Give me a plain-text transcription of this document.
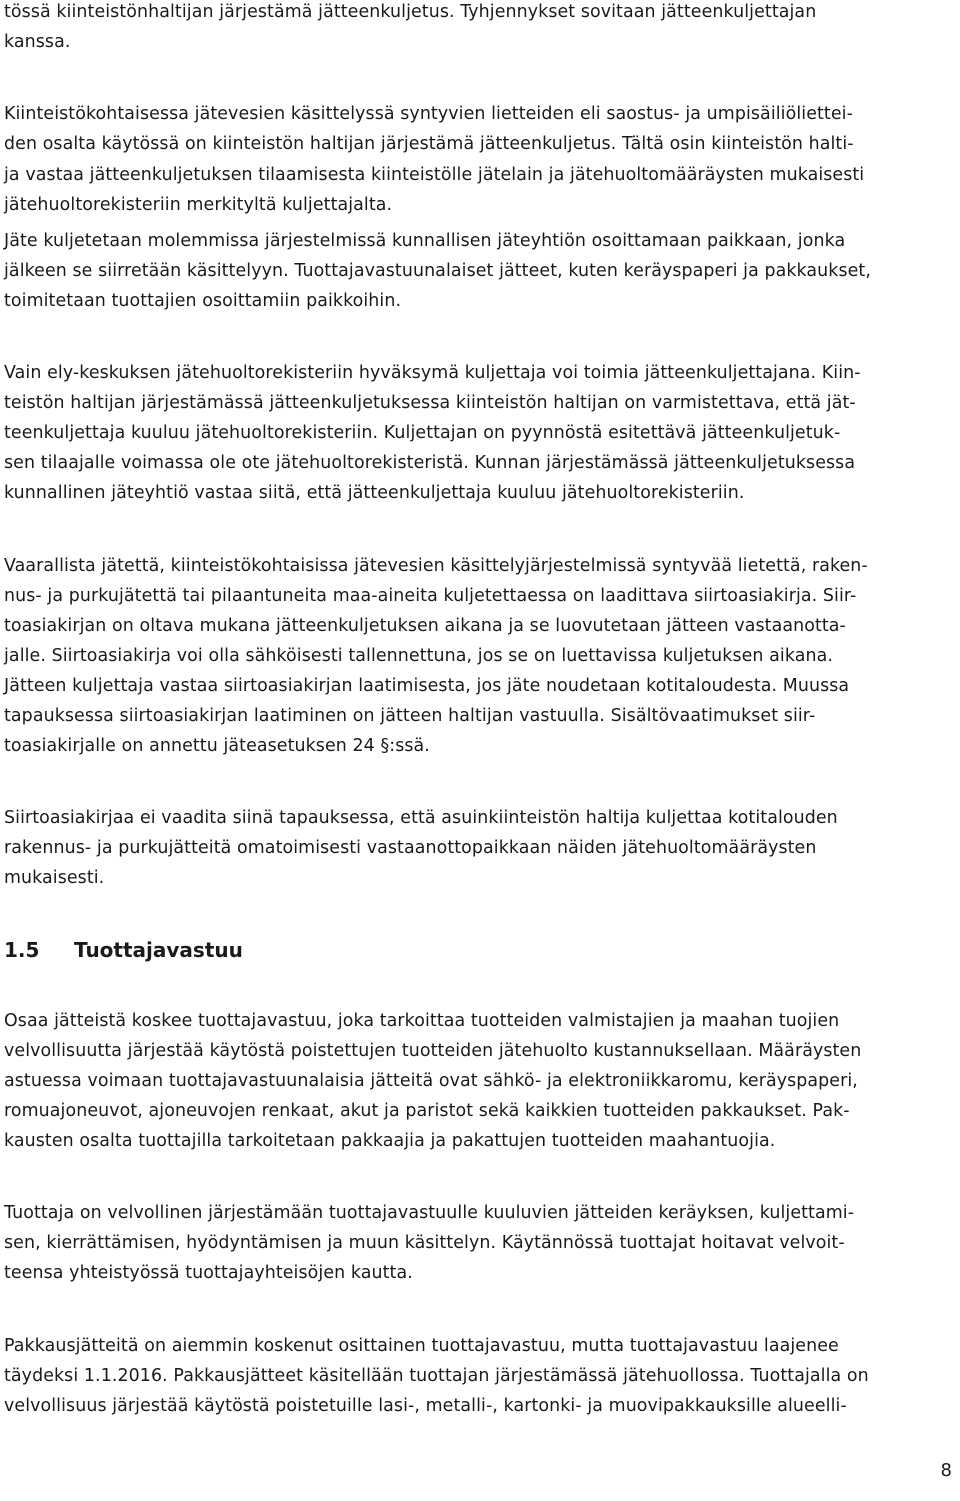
tössä kiinteistönhaltijan järjestämä jätteenkuljetus. Tyhjennykset sovitaan jätteenkuljettajan

kanssa.

Kiinteistökohtaisessa jätevesien käsittelyssä syntyvien lietteiden eli saostus- ja umpisäiliöliettei-

den osalta käytössä on kiinteistön haltijan järjestämä jätteenkuljetus. Tältä osin kiinteistön halti-

ja vastaa jätteenkuljetuksen tilaamisesta kiinteistölle jätelain ja jätehuoltomääräysten mukaisesti

jätehuoltorekisteriin merkityltä kuljettajalta.

Jäte kuljetetaan molemmissa järjestelmissä kunnallisen jäteyhtiön osoittamaan paikkaan, jonka

jälkeen se siirretään käsittelyyn. Tuottajavastuunalaiset jätteet, kuten keräyspaperi ja pakkaukset,

toimitetaan tuottajien osoittamiin paikkoihin.

Vain ely-keskuksen jätehuoltorekisteriin hyväksymä kuljettaja voi toimia jätteenkuljettajana. Kiin-

teistön haltijan järjestämässä jätteenkuljetuksessa kiinteistön haltijan on varmistettava, että jät-

teenkuljettaja kuuluu jätehuoltorekisteriin. Kuljettajan on pyynnöstä esitettävä jätteenkuljetuk-

sen tilaajalle voimassa ole ote jätehuoltorekisteristä. Kunnan järjestämässä jätteenkuljetuksessa

kunnallinen jäteyhtiö vastaa siitä, että jätteenkuljettaja kuuluu jätehuoltorekisteriin.

Vaarallista jätettä, kiinteistökohtaisissa jätevesien käsittelyjärjestelmissä syntyvää lietettä, raken-

nus- ja purkujätettä tai pilaantuneita maa-aineita kuljetettaessa on laadittava siirtoasiakirja. Siir-

toasiakirjan on oltava mukana jätteenkuljetuksen aikana ja se luovutetaan jätteen vastaanotta-

jalle. Siirtoasiakirja voi olla sähköisesti tallennettuna, jos se on luettavissa kuljetuksen aikana.

Jätteen kuljettaja vastaa siirtoasiakirjan laatimisesta, jos jäte noudetaan kotitaloudesta. Muussa

tapauksessa siirtoasiakirjan laatiminen on jätteen haltijan vastuulla. Sisältövaatimukset siir-

toasiakirjalle on annettu jäteasetuksen 24 §:ssä.

Siirtoasiakirjaa ei vaadita siinä tapauksessa, että asuinkiinteistön haltija kuljettaa kotitalouden

rakennus- ja purkujätteitä omatoimisesti vastaanottopaikkaan näiden jätehuoltomääräysten

mukaisesti.

1.5 Tuottajavastuu

Osaa jätteistä koskee tuottajavastuu, joka tarkoittaa tuotteiden valmistajien ja maahan tuojien

velvollisuutta järjestää käytöstä poistettujen tuotteiden jätehuolto kustannuksellaan. Määräysten

astuessa voimaan tuottajavastuunalaisia jätteitä ovat sähkö- ja elektroniikkaromu, keräyspaperi,

romuajoneuvot, ajoneuvojen renkaat, akut ja paristot sekä kaikkien tuotteiden pakkaukset. Pak-

kausten osalta tuottajilla tarkoitetaan pakkaajia ja pakattujen tuotteiden maahantuojia.

Tuottaja on velvollinen järjestämään tuottajavastuulle kuuluvien jätteiden keräyksen, kuljettami-

sen, kierrättämisen, hyödyntämisen ja muun käsittelyn. Käytännössä tuottajat hoitavat velvoit-

teensa yhteistyössä tuottajayhteisöjen kautta.

Pakkausjätteitä on aiemmin koskenut osittainen tuottajavastuu, mutta tuottajavastuu laajenee

täydeksi 1.1.2016. Pakkausjätteet käsitellään tuottajan järjestämässä jätehuollossa. Tuottajalla on

velvollisuus järjestää käytöstä poistetuille lasi-, metalli-, kartonki- ja muovipakkauksille alueelli-

8
